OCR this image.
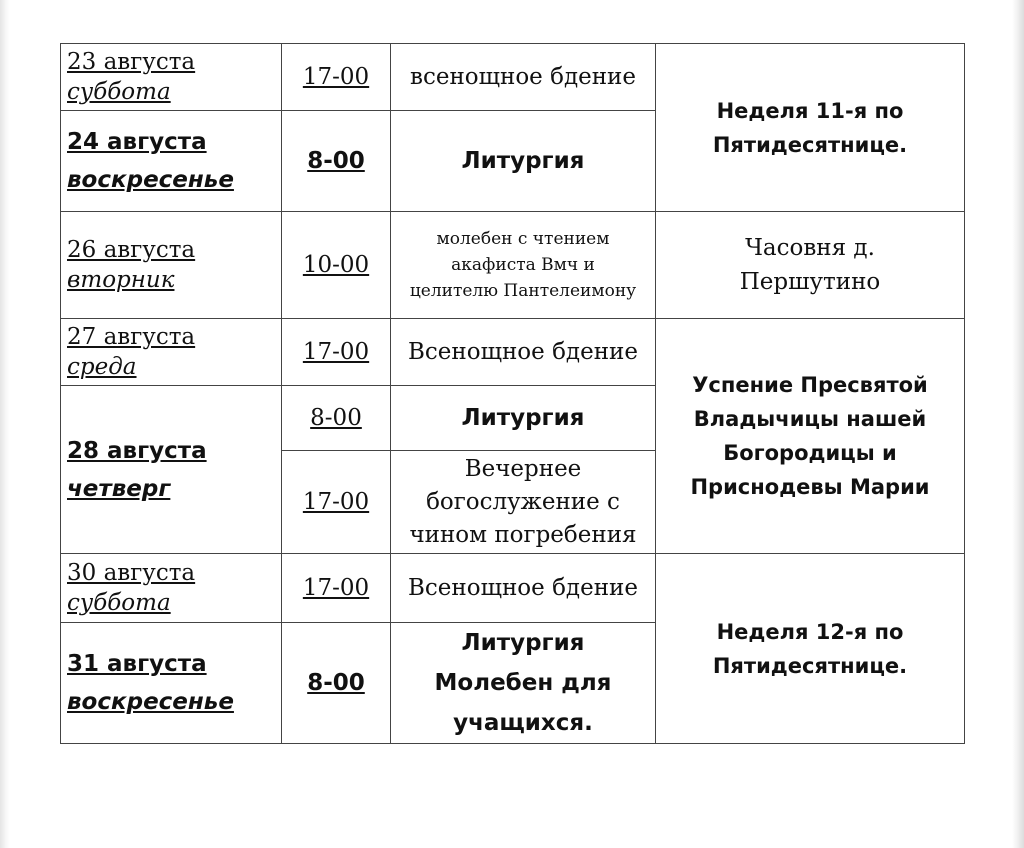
23 августа
суббота	17-00	всенощное бдение	Неделя 11-я по
Пятидесятнице.

24 августа
воскресенье	8-00	Литургия	

26 августа
вторник	10-00	молебен с чтением
акафиста Вмч и
целителю Пантелеимону	Часовня д.
Першутино

27 августа
среда	17-00	Всенощное бдение	Успение Пресвятой
Владычицы нашей
Богородицы и
Приснодевы Марии

28 августа
четверг	8-00	Литургия	
	17-00	Вечернее
богослужение с
чином погребения	

30 августа
суббота	17-00	Всенощное бдение	Неделя 12-я по
Пятидесятнице.

31 августа
воскресенье	8-00	Литургия
Молебен для
учащихся.	
